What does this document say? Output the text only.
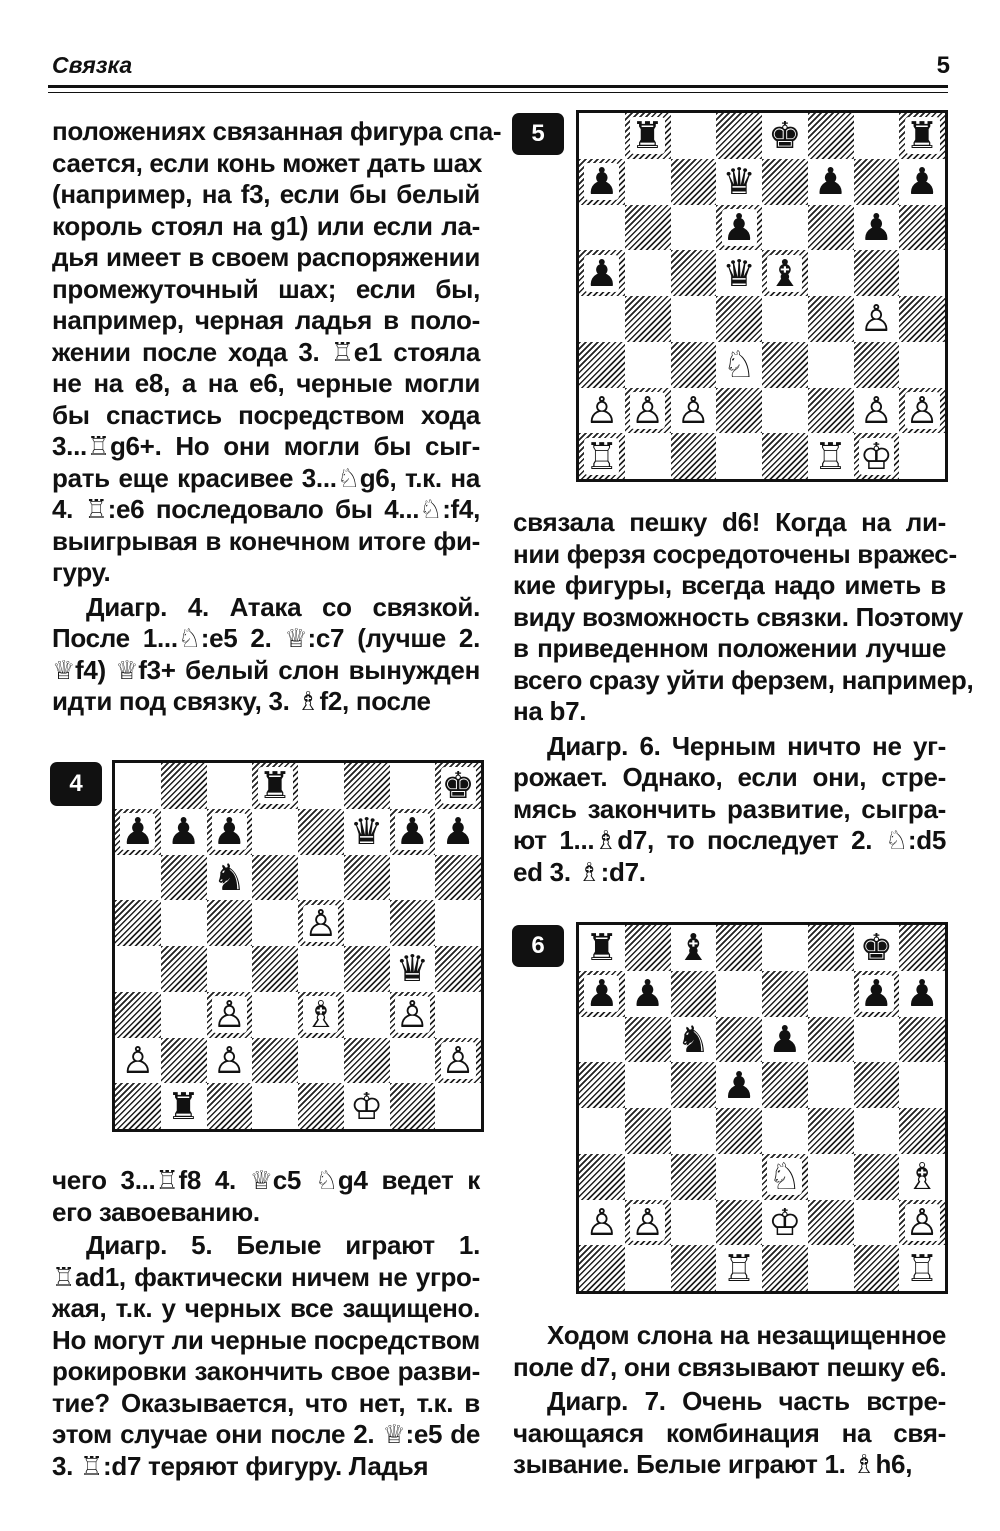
Связка	5
положениях связанная фигура спа-
сается, если конь может дать шах
(например, на f3, если бы белый
король стоял на g1) или если ла-
дья имеет в своем распоряжении
промежуточный шах; если бы,
например, черная ладья в поло-
жении после хода 3. ♖e1 стояла
не на e8, а на e6, черные могли
бы спастись посредством хода
3...♖g6+. Но они могли бы сыг-
рать еще красивее 3...♘g6, т.к. на
4. ♖:e6 последовало бы 4...♘:f4,
выигрывая в конечном итоге фи-
гуру.
Диагр. 4. Атака со связкой.
После 1...♘:e5 2. ♕:c7 (лучше 2.
♕f4) ♕f3+ белый слон вынужден
идти под связку, 3. ♗f2, после
4	♜	♚
♟ ♟ ♟	♛ ♟ ♟
♞
♙
♛
♙ ♗ ♙
♙ ♙	♙
♜	♔
чего 3...♖f8 4. ♕c5 ♘g4 ведет к
его завоеванию.
Диагр. 5. Белые играют 1.
♖ad1, фактически ничем не угро-
жая, т.к. у черных все защищено.
Но могут ли черные посредством
рокировки закончить свое разви-
тие? Оказывается, что нет, т.к. в
этом случае они после 2. ♕:e5 de
3. ♖:d7 теряют фигуру. Ладья
5	♜	♚	♜
♟	♛ ♟ ♟
♟	♟
♟	♛ ♝
♙
♘
♙ ♙ ♙	♙ ♙
♖	♖ ♔
связала пешку d6! Когда на ли-
нии ферзя сосредоточены вражес-
кие фигуры, всегда надо иметь в
виду возможность связки. Поэтому
в приведенном положении лучше
всего сразу уйти ферзем, например,
на b7.
Диагр. 6. Черным ничто не уг-
рожает. Однако, если они, стре-
мясь закончить развитие, сыгра-
ют 1...♗d7, то последует 2. ♘:d5
ed 3. ♗:d7.
6	♜ ♝	♚
♟ ♟	♟ ♟
♞ ♟
♟
♘	♗
♙ ♙	♔	♙
♖	♖
Ходом слона на незащищенное
поле d7, они связывают пешку e6.
Диагр. 7. Очень часть встре-
чающаяся комбинация на свя-
зывание. Белые играют 1. ♗h6,
